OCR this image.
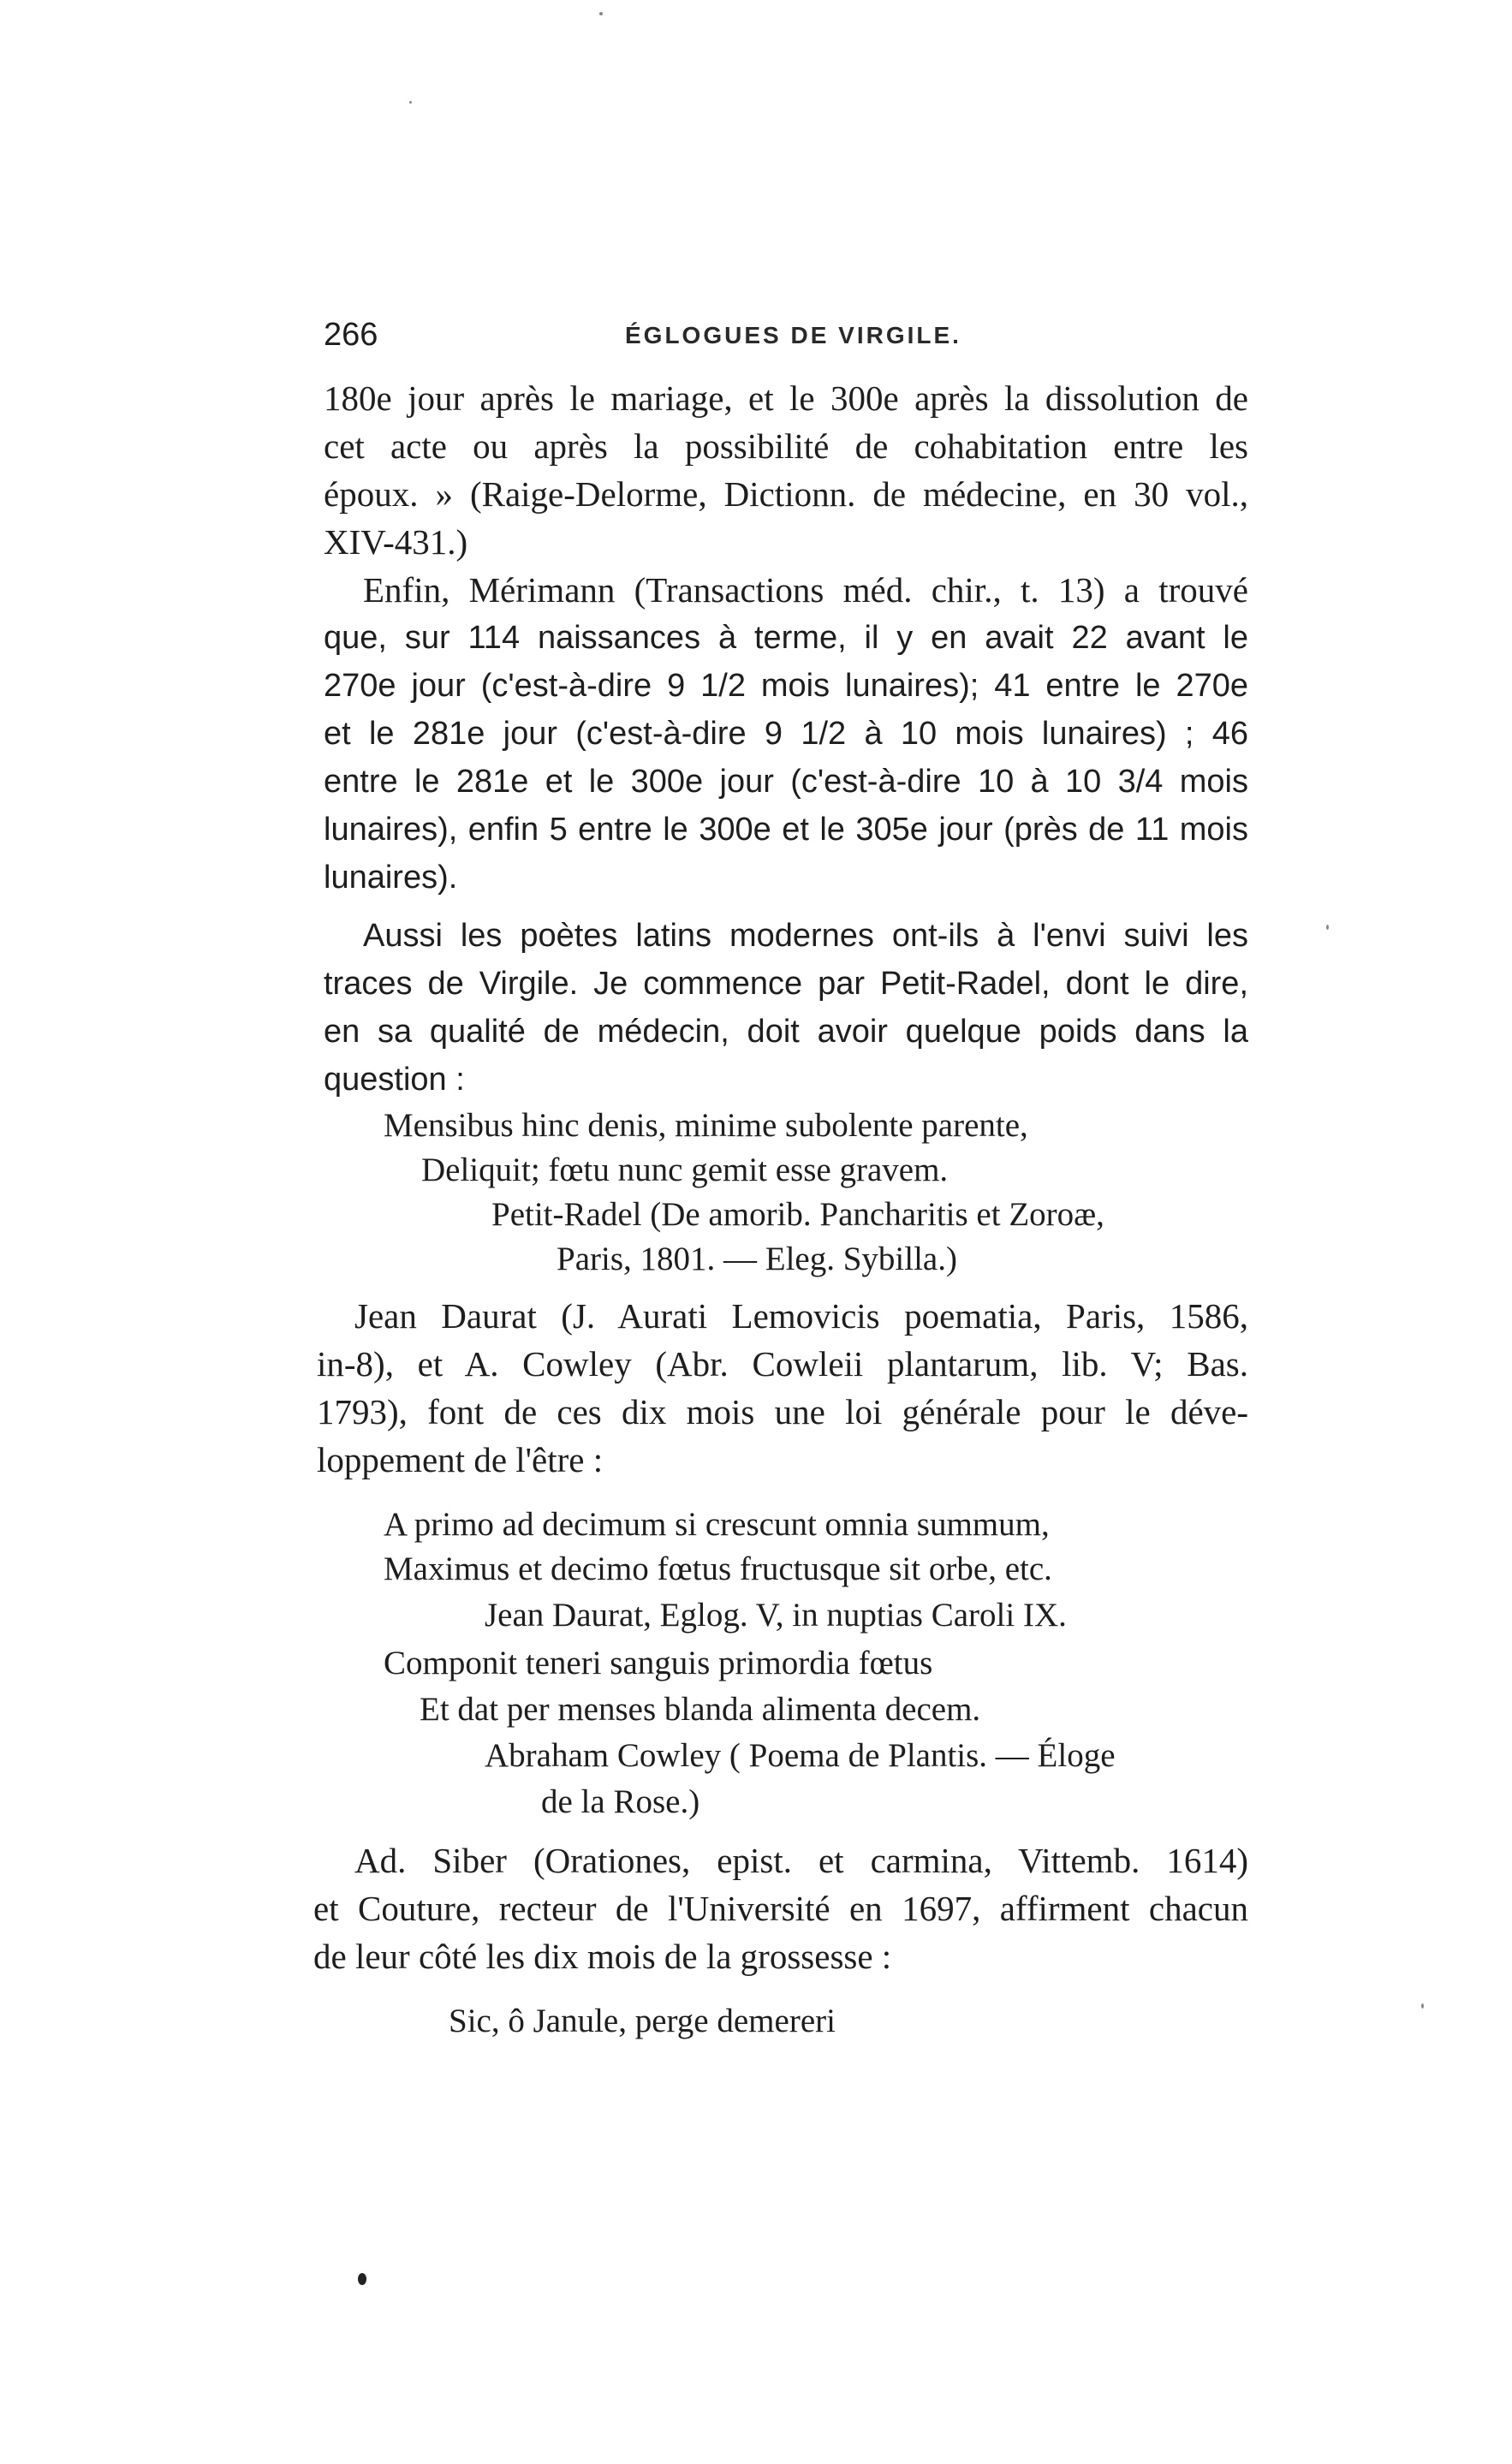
266	ÉGLOGUES DE VIRGILE.
180e jour après le mariage, et le 300e après la dissolution de
cet acte ou après la possibilité de cohabitation entre les
époux. » (Raige-Delorme, Dictionn. de médecine, en 30 vol.,
XIV-431.)
Enfin, Mérimann (Transactions méd. chir., t. 13) a trouvé
que, sur 114 naissances à terme, il y en avait 22 avant le
270e jour (c'est-à-dire 9 1/2 mois lunaires); 41 entre le 270e
et le 281e jour (c'est-à-dire 9 1/2 à 10 mois lunaires) ; 46
entre le 281e et le 300e jour (c'est-à-dire 10 à 10 3/4 mois
lunaires), enfin 5 entre le 300e et le 305e jour (près de 11 mois
lunaires).
Aussi les poètes latins modernes ont-ils à l'envi suivi les
traces de Virgile. Je commence par Petit-Radel, dont le dire,
en sa qualité de médecin, doit avoir quelque poids dans la
question :
Mensibus hinc denis, minime subolente parente,
Deliquit; fœtu nunc gemit esse gravem.
Petit-Radel (De amorib. Pancharitis et Zoroæ,
Paris, 1801. — Eleg. Sybilla.)
Jean Daurat (J. Aurati Lemovicis poematia, Paris, 1586,
in-8), et A. Cowley (Abr. Cowleii plantarum, lib. V; Bas.
1793), font de ces dix mois une loi générale pour le déve-
loppement de l'être :
A primo ad decimum si crescunt omnia summum,
Maximus et decimo fœtus fructusque sit orbe, etc.
Jean Daurat, Eglog. V, in nuptias Caroli IX.
Componit teneri sanguis primordia fœtus
Et dat per menses blanda alimenta decem.
Abraham Cowley ( Poema de Plantis. — Éloge
de la Rose.)
Ad. Siber (Orationes, epist. et carmina, Vittemb. 1614)
et Couture, recteur de l'Université en 1697, affirment chacun
de leur côté les dix mois de la grossesse :
Sic, ô Janule, perge demereri
